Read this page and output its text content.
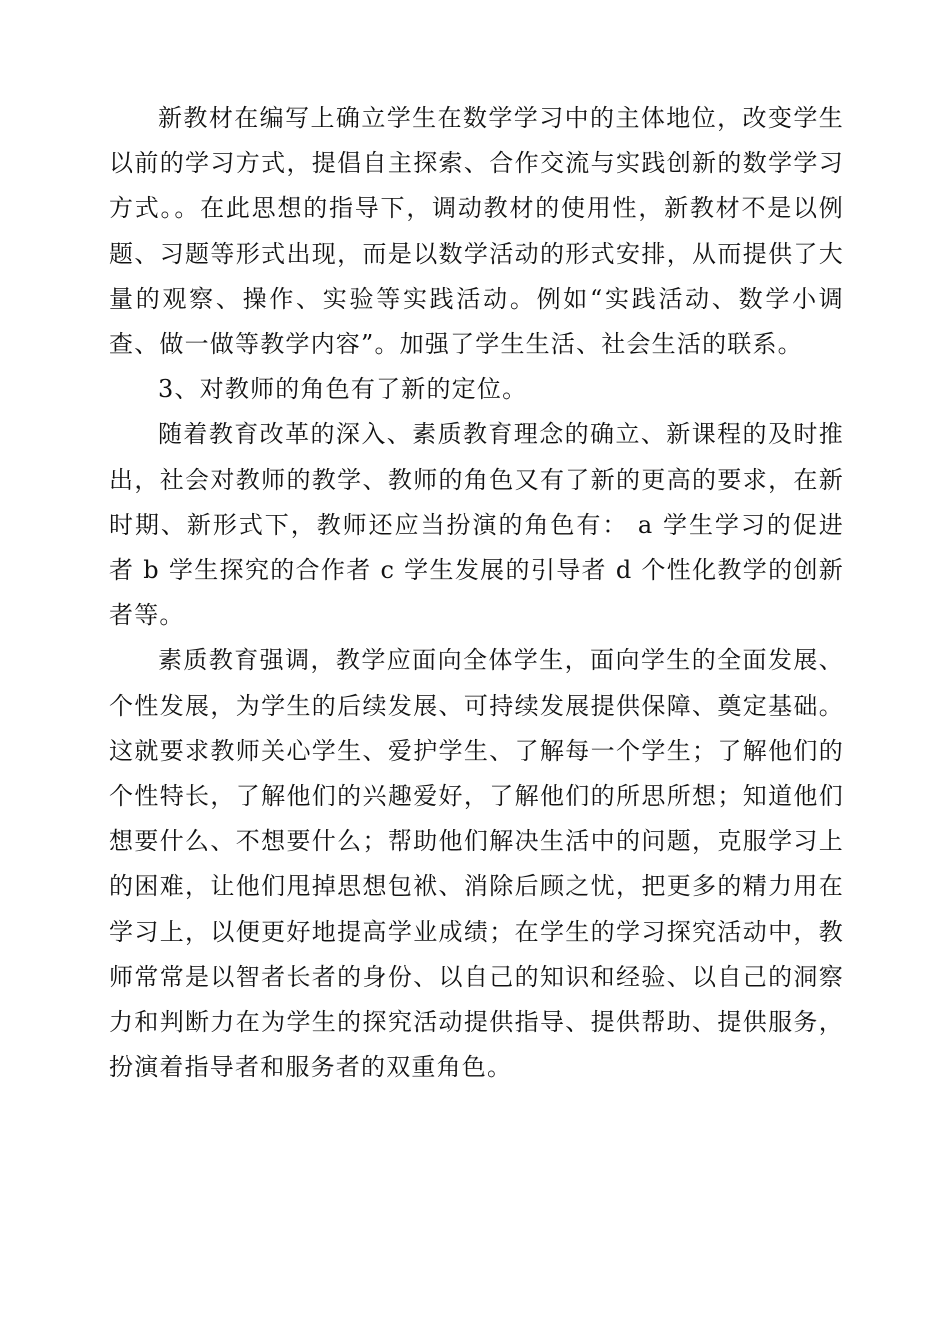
新教材在编写上确立学生在数学学习中的主体地位，改变学生以前的学习方式，提倡自主探索、合作交流与实践创新的数学学习方式。。在此思想的指导下，调动教材的使用性，新教材不是以例题、习题等形式出现，而是以数学活动的形式安排，从而提供了大量的观察、操作、实验等实践活动。例如“实践活动、数学小调查、做一做等教学内容”。加强了学生生活、社会生活的联系。

3、对教师的角色有了新的定位。

随着教育改革的深入、素质教育理念的确立、新课程的及时推出，社会对教师的教学、教师的角色又有了新的更高的要求，在新时期、新形式下，教师还应当扮演的角色有： a 学生学习的促进者 b 学生探究的合作者 c 学生发展的引导者 d 个性化教学的创新者等。

素质教育强调，教学应面向全体学生，面向学生的全面发展、个性发展，为学生的后续发展、可持续发展提供保障、奠定基础。这就要求教师关心学生、爱护学生、了解每一个学生；了解他们的个性特长，了解他们的兴趣爱好，了解他们的所思所想；知道他们想要什么、不想要什么；帮助他们解决生活中的问题，克服学习上的困难，让他们甩掉思想包袱、消除后顾之忧，把更多的精力用在学习上，以便更好地提高学业成绩；在学生的学习探究活动中，教师常常是以智者长者的身份、以自己的知识和经验、以自己的洞察力和判断力在为学生的探究活动提供指导、提供帮助、提供服务，扮演着指导者和服务者的双重角色。
